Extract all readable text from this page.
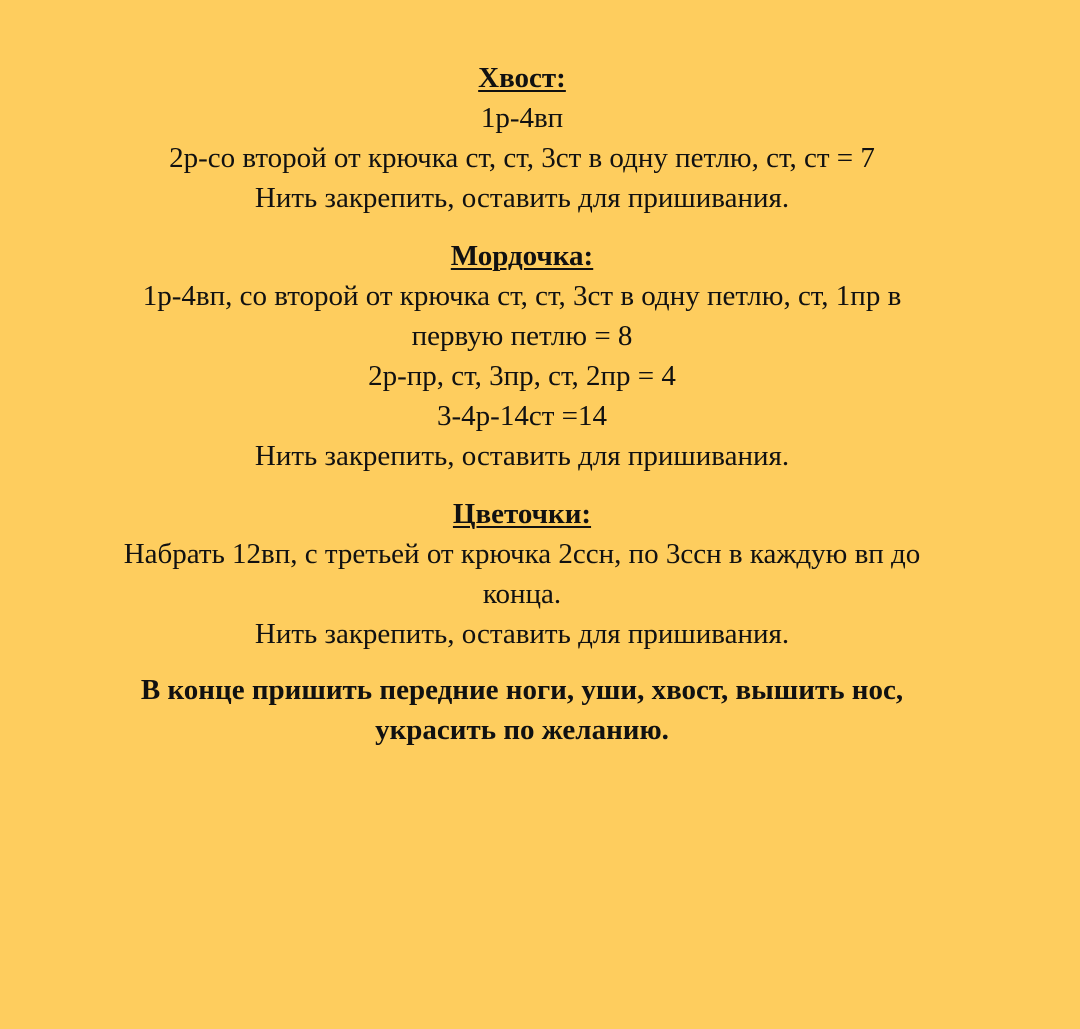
Хвост:
1р-4вп
2р-со второй от крючка ст, ст, 3ст в одну петлю, ст, ст = 7
Нить закрепить, оставить для пришивания.
Мордочка:
1р-4вп, со второй от крючка ст, ст, 3ст в одну петлю, ст, 1пр в
первую петлю = 8
2р-пр, ст, 3пр, ст, 2пр = 4
3-4р-14ст =14
Нить закрепить, оставить для пришивания.
Цветочки:
Набрать 12вп, с третьей от крючка 2ссн, по 3ссн в каждую вп до
конца.
Нить закрепить, оставить для пришивания.
В конце пришить передние ноги, уши, хвост, вышить нос,
украсить по желанию.
